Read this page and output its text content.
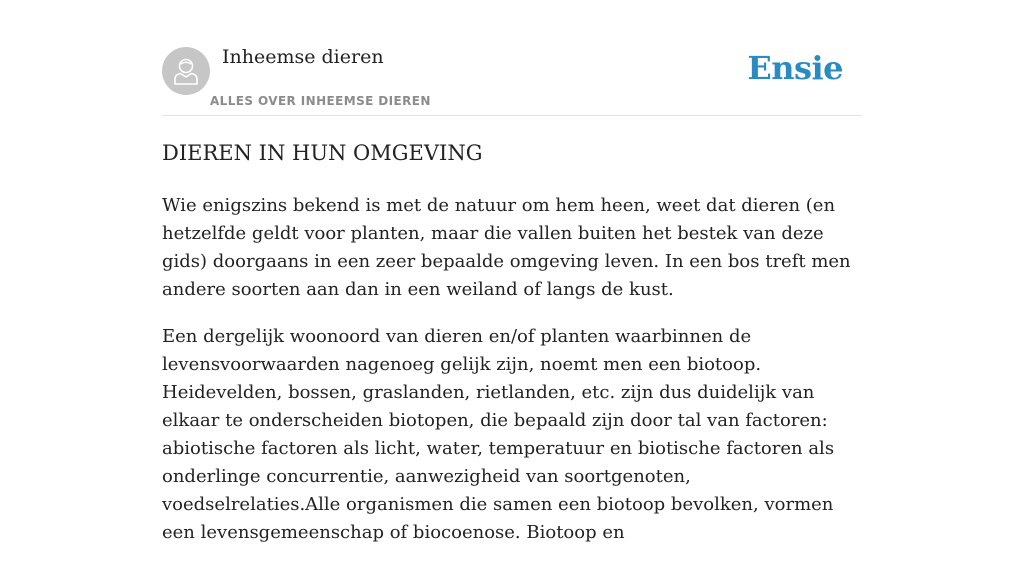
Inheemse dieren
ALLES OVER INHEEMSE DIEREN
Ensie
DIEREN IN HUN OMGEVING

Wie enigszins bekend is met de natuur om hem heen, weet dat dieren (en hetzelfde geldt voor planten, maar die vallen buiten het bestek van deze gids) doorgaans in een zeer bepaalde omgeving leven. In een bos treft men andere soorten aan dan in een weiland of langs de kust.

Een dergelijk woonoord van dieren en/of planten waarbinnen de levensvoorwaarden nagenoeg gelijk zijn, noemt men een biotoop. Heidevelden, bossen, graslanden, rietlanden, etc. zijn dus duidelijk van elkaar te onderscheiden biotopen, die bepaald zijn door tal van factoren: abiotische factoren als licht, water, temperatuur en biotische factoren als onderlinge concurrentie, aanwezigheid van soortgenoten, voedselrelaties.Alle organismen die samen een biotoop bevolken, vormen een levensgemeenschap of biocoenose. Biotoop en
